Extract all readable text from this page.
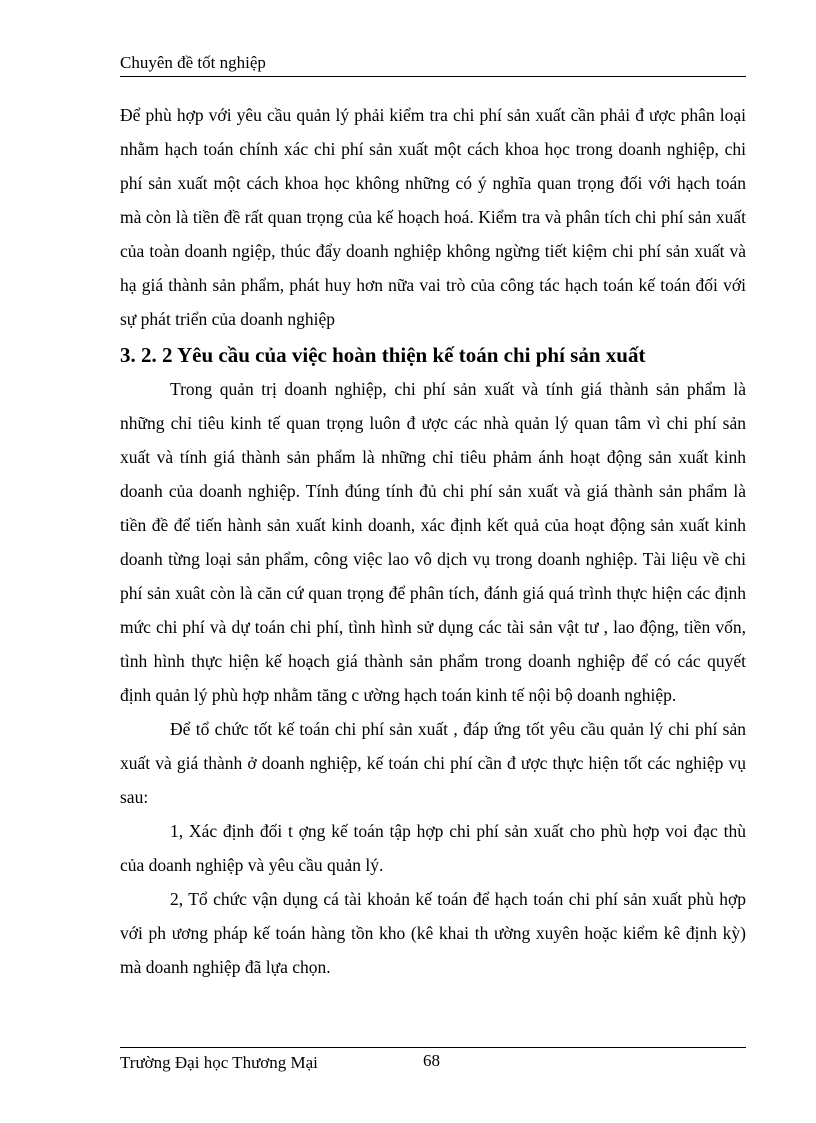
Chuyên đề tốt nghiệp

Để phù hợp với yêu cầu quản lý phải kiểm tra chi phí sản xuất cần phải đ ược phân loại nhằm hạch toán chính xác chi phí sản xuất một cách khoa học trong doanh nghiệp, chi phí sản xuất một cách khoa học không những có ý nghĩa quan trọng đối với hạch toán mà còn là tiền đề rất quan trọng của kế hoạch hoá. Kiểm tra và phân tích chi phí sản xuất của toàn doanh ngiệp, thúc đẩy doanh nghiệp không ngừng tiết kiệm chi phí sản xuất và hạ giá thành sản phẩm, phát huy hơn nữa vai trò của công tác hạch toán kế toán đối với sự phát triển của doanh nghiệp

3. 2. 2 Yêu cầu của việc hoàn thiện kế toán chi phí sản xuất

Trong quản trị doanh nghiệp, chi phí sản xuất và tính giá thành sản phẩm là những chỉ tiêu kinh tế quan trọng luôn đ ược các nhà quản lý quan tâm vì chi phí sản xuất và tính giá thành sản phẩm là những chỉ tiêu phảm ánh hoạt động sản xuất kinh doanh của doanh nghiệp. Tính đúng tính đủ chi phí sản xuất và giá thành sản phẩm là tiền đề để tiến hành sản xuất kinh doanh, xác định kết quả của hoạt động sản xuất kinh doanh từng loại sản phẩm, công việc lao vô dịch vụ trong doanh nghiệp. Tài liệu về chi phí sản xuât còn là căn cứ quan trọng để phân tích, đánh giá quá trình thực hiện các định mức chi phí và dự toán chi phí, tình hình sử dụng các tài sản vật tư , lao động, tiền vốn, tình hình thực hiện kế hoạch giá thành sản phẩm trong doanh nghiệp để có các quyết định quản lý phù hợp nhằm tăng c ường hạch toán kinh tế nội bộ doanh nghiệp.

Để tổ chức tốt kế toán chi phí sản xuất , đáp ứng tốt yêu cầu quản lý chi phí sản xuất và giá thành ở doanh nghiệp, kế toán chi phí cần đ ược thực hiện tốt các nghiệp vụ sau:

1, Xác định đối t ợng kế toán tập hợp chi phí sản xuất cho phù hợp voi đạc thù của doanh nghiệp và yêu cầu quản lý.

2, Tổ chức vận dụng cá tài khoản kế toán để hạch toán chi phí sản xuất phù hợp với ph ương pháp kế toán hàng tồn kho (kê khai th ường xuyên hoặc kiểm kê định kỳ) mà doanh nghiệp đã lựa chọn.

Trường Đại học Thương Mại	68
